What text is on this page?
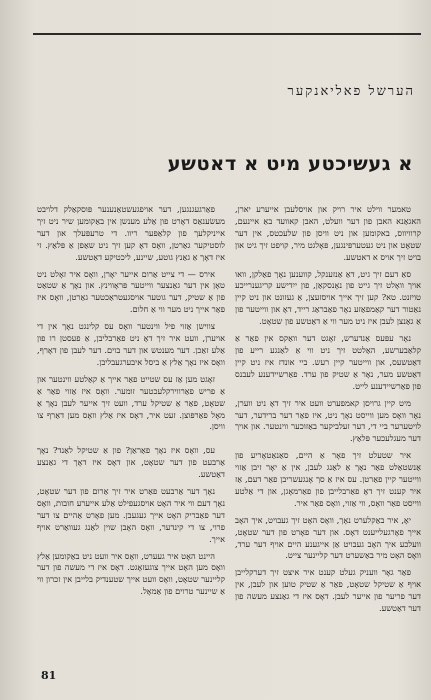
הערשל פאליאנקער
א געשיכטע מיט א דאטשע

טאמער ווילט איר רויק און אויסלעבן אייערע יארן, האגאַנא האבן פון דער וועלט, האבן קאוועד באַ איינעם, קרוויווס, באקומען און ניט וויסן פון שלעכטס, אין דער שטאָט און ניט געטערפּינגען, פּאָלגט מיר, קויפט זיך גיט און בויט זיך אויס א דאטשע.

סאַ דעם זיך גיט, דאַ אַנזענקל, קווענען נאָך פאַלקן, וואו אויך וואָלט זיך גייט פון נאָנסקאַן, פון ייִדישע קריגענרייכע טויזנט. טא? קען זיך אייך אויסזעצן, אַ געזונט און ניט קיין נאַטור דער קאַמפאַזע נאָר פאַבראַג רייד, דאָ און ווייטער פון אַ גאַנצן לעבן איז ניט מער ווי אַ דאַטשע פון שטאָט.

נאָר עפּעס אַנדערש, זאָגט דער וואַקס אין פאַר אַ קלאַבערשע, האַלטט זיך ניט ווי אַ לאַנגע רייע פון דאַטשעס, און ווייטער קיין רעש. ביי אונדז איז ניט קיין דאַטשע מער, נאָר אַ שטיק פון ערד. פאַרשיידענע לעבנס פון פאַרשיידענע לייט.

מיט קיין גרויסן קאמפערט וועט איר זיך דאָ ניט ווערן, נאָר וואָס מען ווייסט נאָך ניט, איז פאַר דער ברידער, דער לויטערער ביי די, דער זעלביקער באַזוכער ווינטער. און אויך דער מעגלעכער פּלאַץ.

איר שטעלט זיך פאָר אַ היים, סאַנאַטאָריע פון אַנשטאַלט פאַר נאָך אַ לאַנג לעבן, אין אַ יאָר זיבן אַזוי ווייטער קיין פאַרטן. עס איז אַ סך אָנגעשריבן פאַר דעם, אַז איר קענט זיך דאָ פאַרבלייבן פון פאַרמאָגן, און די אַלטע ווייסט פאַר וואָס, ווי אַזוי, וואָס פאַר איר.

יאָ, איר באַקלערט נאָך, וואָס האָט זיך געבויט, איך האָב אייך פאָרגעלייענט דאָס. און דער פאָרט פון דער שטאָט, וועלכע איך האָב געבויט אַן אייגענע היים אויף דער ערד, וואָס האָט מיר באַשערט דער קליינער צייט.

פאַר גאָר וועניק געלט קענט איר איצט זיך דערקלייבן אויף אַ שטיקל שטאָט, פאַר אַ שטיק טוען און לעבן, אין דער פריער פון אייער לעבן. דאָס איז די גאַנצע מעשה פון דער דאַטשע.

פאַרגעגנגען, דער אויפגעשטאַנענער פּוסקאַלק דלויבט מעשׂענאַס דאָרט פון אַלע מענשן אין באַקומען שיר ניט זיך אייניקלעך פון קלאַפּער ריוו. די טרעפּעלך און דער לוסטיקער גאַרטן, וואָס דאָ קען זיך ניט שאַפן אַ פּלאַץ. זי איז דאָך אַ גאַנץ גוטע, שיינע, ליכטיקע דאַטשע.

אירס — די צייט אַרום אייער יאָרן, וואָס איר זאָלט ניט טאָן אין דער גאַנצער ווייטער פּראָווינץ. און נאָך אַ שטאַט פון אַ שטיק, דער גוטער אויסגעטראַכטער גאַרטן, וואָס איז פאַר אייך ניט מער ווי אַ חלום.

צווישן אַזוי פיל ווינטער וואָס עס קלינגט נאָך אין די אויערן, וועט איר זיך דאָ ניט פאַרבליבן, אַ פעסטן רו פון אַלע זאַכן. דער מענטש און דער בוים. דער לעבן פון דאָרף, וואָס איז נאָך אַלץ אַ ביסל איבערגעבליבן.

זאָגט מען אַז עס שטייט פאַר אייך אַ קאַלטע ווינטער און אַ פריש פאַרווירקלעכטער זומער. וואָס איז אַזוי פאַר אַ שטאָט, פאַר אַ שטיקל ערד, וועט זיך אייער לעבן נאָך אַ מאָל פאַרפּוצן. זעט איר, דאָס איז אַלץ וואָס מען דאַרף צו וויסן.

עס, וואָס איז נאָך פאַראַן? פון אַ שטיקל לאַנד? נאָך אַרבעט פון דער שטאָט, און דאָס איז דאָך די גאַנצע דאַטשע.

נאָך דער אַרבעט פאַרט איר זיך אַרום פון דער שטאָט, נאָך דעם ווי איר האָט אויסגעפילט אַלע אייערע חובות, וואָס דער פאַבריק האָט אייך געגעבן. מען פאָרט אַהיים צו דער פרוי, צו די קינדער, וואָס האָבן שוין לאַנג געוואַרט אויף אייך.

היינט האָט איר געערט, וואָס איר וועט ניט באַקומען אַלץ וואָס מען האָט אייך צוגעזאָגט. דאָס איז די מעשה פון דער קליינער שטאָט, וואָס וועט אייך שטענדיק בלייבן אין זכרון ווי אַ שיינער טרוים פון אַמאָל.

81
